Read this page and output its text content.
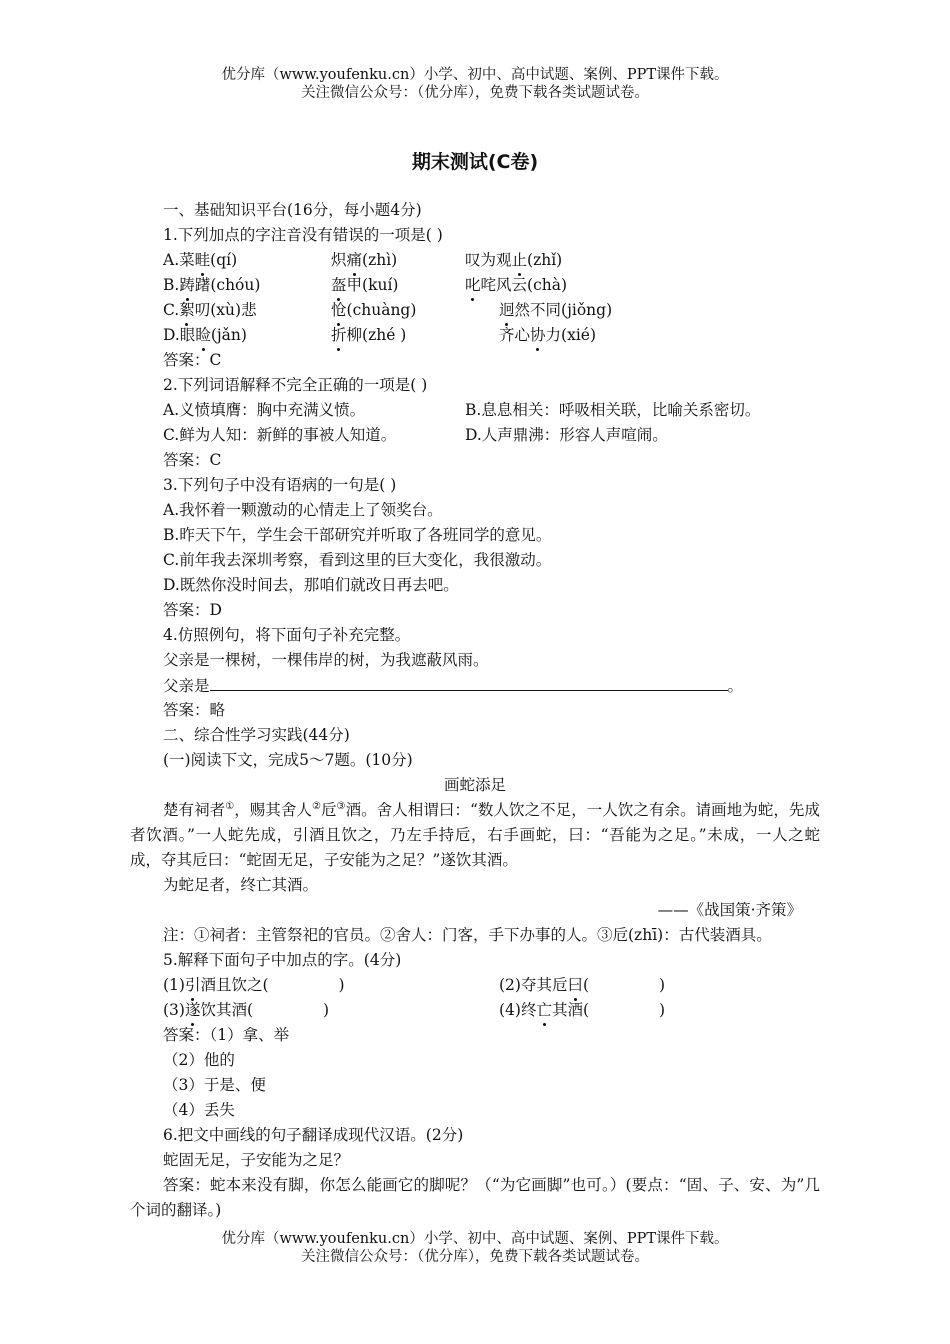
优分库（www.youfenku.cn）小学、初中、高中试题、案例、PPT课件下载。
关注微信公众号：（优分库），免费下载各类试题试卷。
期末测试(C卷)
一、基础知识平台(16分，每小题4分)
1.下列加点的字注音没有错误的一项是( )
A.菜畦(qí)	炽痛(zhì)	叹为观止(zhǐ)
B.踌躇(chóu)	盔甲(kuí)	叱咤风云(chà)
C.絮叨(xù)悲	怆(chuàng)	迥然不同(jiǒng)
D.眼睑(jǎn)	折柳(zhé )	齐心协力(xié)
答案：C
2.下列词语解释不完全正确的一项是( )
A.义愤填膺：胸中充满义愤。	B.息息相关：呼吸相关联，比喻关系密切。
C.鲜为人知：新鲜的事被人知道。	D.人声鼎沸：形容人声喧闹。
答案：C
3.下列句子中没有语病的一句是( )
A.我怀着一颗激动的心情走上了领奖台。
B.昨天下午，学生会干部研究并听取了各班同学的意见。
C.前年我去深圳考察，看到这里的巨大变化，我很激动。
D.既然你没时间去，那咱们就改日再去吧。
答案：D
4.仿照例句，将下面句子补充完整。
父亲是一棵树，一棵伟岸的树，为我遮蔽风雨。
父亲是	。
答案：略
二、综合性学习实践(44分)
(一)阅读下文，完成5～7题。(10分)
画蛇添足
楚有祠者①，赐其舍人②卮③酒。舍人相谓曰：“数人饮之不足，一人饮之有余。请画地为蛇，先成者饮酒。”一人蛇先成，引酒且饮之，乃左手持卮，右手画蛇，曰：“吾能为之足。”未成，一人之蛇成，夺其卮曰：“蛇固无足，子安能为之足？”遂饮其酒。
为蛇足者，终亡其酒。
——《战国策·齐策》
注：①祠者：主管祭祀的官员。②舍人：门客，手下办事的人。③卮(zhī)：古代装酒具。
5.解释下面句子中加点的字。(4分)
(1)引酒且饮之(	)	(2)夺其卮曰(	)
(3)遂饮其酒(	)	(4)终亡其酒(	)
答案：（1）拿、举
（2）他的
（3）于是、便
（4）丢失
6.把文中画线的句子翻译成现代汉语。(2分)
蛇固无足，子安能为之足？
答案：蛇本来没有脚，你怎么能画它的脚呢？（“为它画脚”也可。）(要点：“固、子、安、为”几个词的翻译。)
优分库（www.youfenku.cn）小学、初中、高中试题、案例、PPT课件下载。
关注微信公众号：（优分库），免费下载各类试题试卷。
